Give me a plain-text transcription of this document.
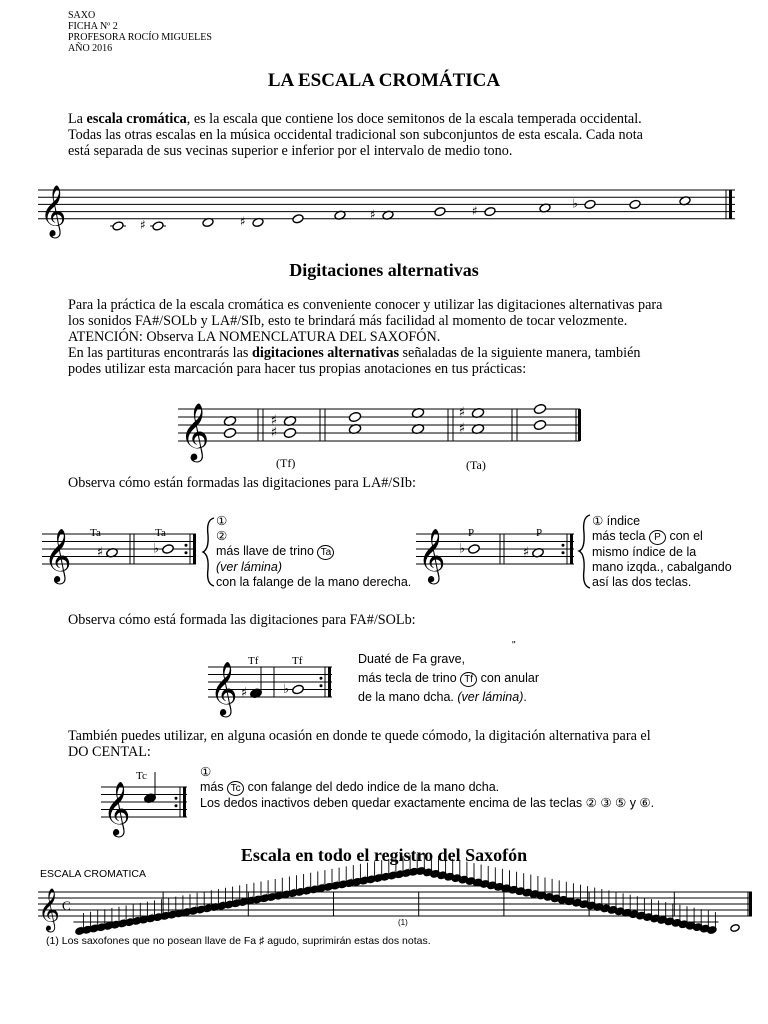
SAXO
FICHA Nº 2
PROFESORA ROCÍO MIGUELES
AÑO 2016
LA ESCALA CROMÁTICA
La escala cromática, es la escala que contiene los doce semitonos de la escala temperada occidental.
Todas las otras escalas en la música occidental tradicional son subconjuntos de esta escala. Cada nota
está separada de sus vecinas superior e inferior por el intervalo de medio tono.
𝄞	♯	♯
♯	♯
♭
Digitaciones alternativas
Para la práctica de la escala cromática es conveniente conocer y utilizar las digitaciones alternativas para
los sonidos FA#/SOLb y LA#/SIb, esto te brindará más facilidad al momento de tocar velozmente.
ATENCIÓN: Observa LA NOMENCLATURA DEL SAXOFÓN.
En las partituras encontrarás las digitaciones alternativas señaladas de la siguiente manera, también
podes utilizar esta marcación para hacer tus propias anotaciones en tus prácticas:
𝄞	♯
♯
♯
♯
(Tf)	(Ta)
Observa cómo están formadas las digitaciones para LA#/SIb:
𝄞 ♯	♭
Ta	Ta
①
②
más llave de trino Ta
(ver lámina)
con la falange de la mano derecha.
𝄞 ♭	♯
P	P
① índice
más tecla P con el
mismo índice de la
mano izqda., cabalgando
así las dos teclas.
Observa cómo está formada las digitaciones para FA#/SOLb:
𝄞 ♯	♭
Tf	Tf
"
Duaté de Fa grave,
más tecla de trino Tf con anular
de la mano dcha. (ver lámina).
También puedes utilizar, en alguna ocasión en donde te quede cómodo, la digitación alternativa para el
DO CENTAL:
𝄞
Tc	①
más Tc con falange del dedo indice de la mano dcha.
Los dedos inactivos deben quedar exactamente encima de las teclas ② ③ ⑤ y ⑥.
Escala en todo el registro del Saxofón
ESCALA CROMATICA
𝄞 C
♯ ♯ ♯ ♯ ♯ ♯ ♯ ♯ ♯ ♯ ♯ ♯ ♯ ♯ ♯ ♯ ♯ ♯ ♯ ♯ ♯ ♯ ♯ ♯ ♭ ♭ ♭ ♭ ♭ ♭ ♭ ♭ ♭ ♭ ♭ ♭ ♭ ♭ ♭ ♭ ♭ ♭ ♭ ♭ ♭
(1)
(1) Los saxofones que no posean llave de Fa ♯ agudo, suprimirán estas dos notas.
